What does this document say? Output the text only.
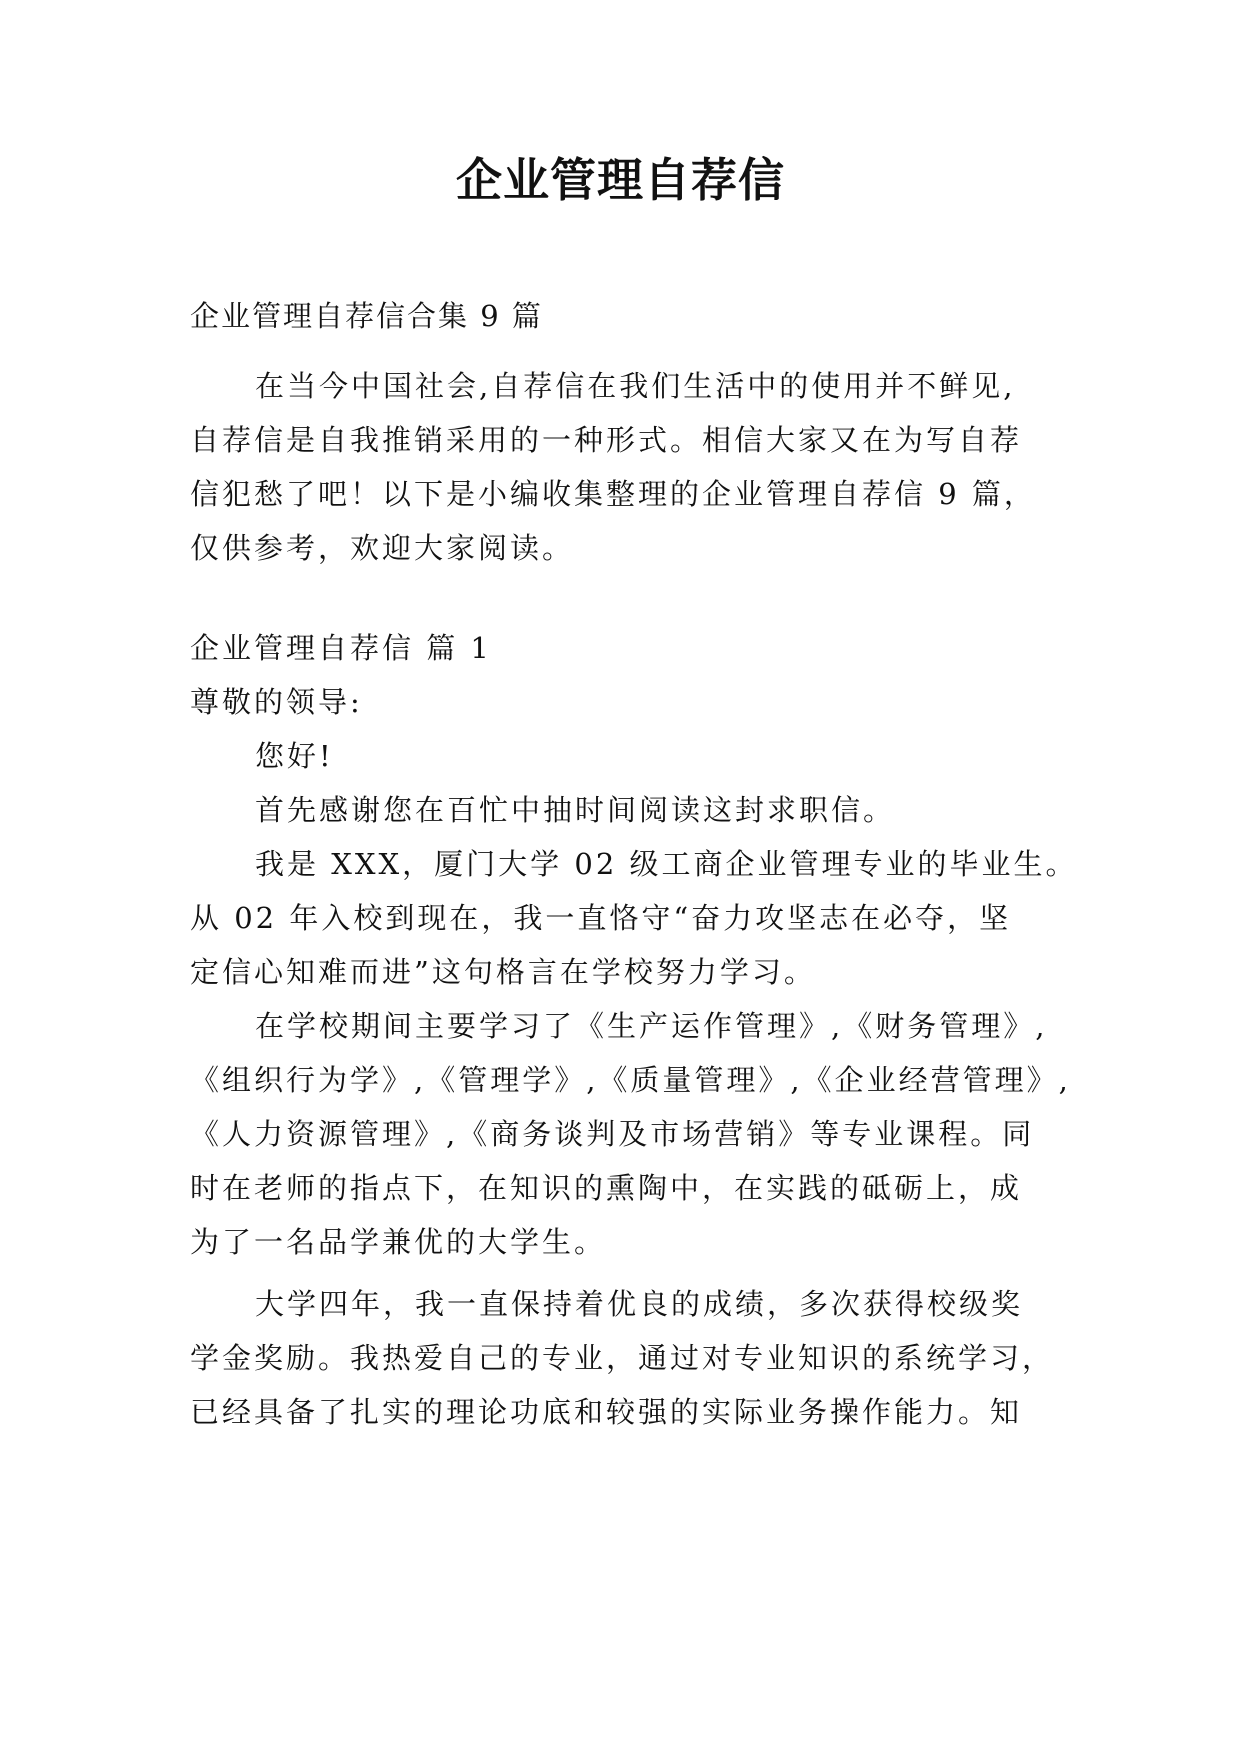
企业管理自荐信

企业管理自荐信合集 9 篇

在当今中国社会,自荐信在我们生活中的使用并不鲜见,

自荐信是自我推销采用的一种形式。相信大家又在为写自荐

信犯愁了吧！以下是小编收集整理的企业管理自荐信 9 篇，

仅供参考，欢迎大家阅读。

企业管理自荐信 篇 1

尊敬的领导:

您好!

首先感谢您在百忙中抽时间阅读这封求职信。

我是 XXX，厦门大学 02 级工商企业管理专业的毕业生。

从 02 年入校到现在，我一直恪守“奋力攻坚志在必夺，坚

定信心知难而进”这句格言在学校努力学习。

在学校期间主要学习了《生产运作管理》,《财务管理》,

《组织行为学》,《管理学》,《质量管理》,《企业经营管理》,

《人力资源管理》,《商务谈判及市场营销》等专业课程。同

时在老师的指点下，在知识的熏陶中，在实践的砥砺上，成

为了一名品学兼优的大学生。

大学四年，我一直保持着优良的成绩，多次获得校级奖

学金奖励。我热爱自己的专业，通过对专业知识的系统学习，

已经具备了扎实的理论功底和较强的实际业务操作能力。知
